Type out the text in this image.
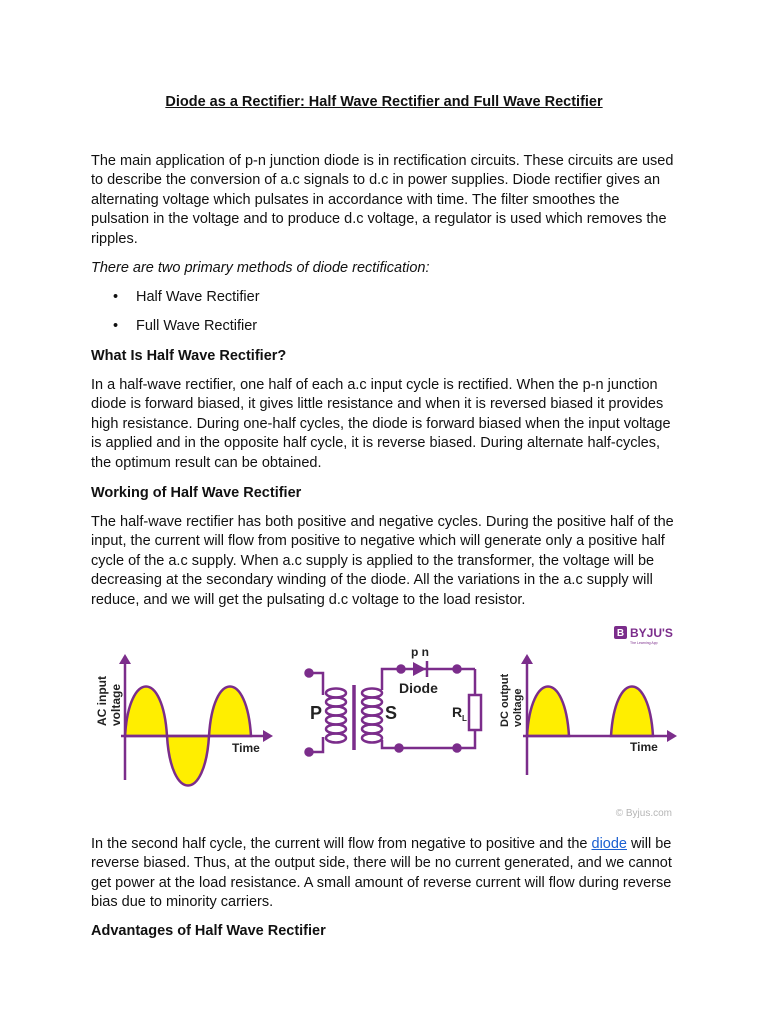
Diode as a Rectifier: Half Wave Rectifier and Full Wave Rectifier

The main application of p-n junction diode is in rectification circuits. These circuits are used to describe the conversion of a.c signals to d.c in power supplies. Diode rectifier gives an alternating voltage which pulsates in accordance with time. The filter smoothes the pulsation in the voltage and to produce d.c voltage, a regulator is used which removes the ripples.

There are two primary methods of diode rectification:

• Half Wave Rectifier
• Full Wave Rectifier
What Is Half Wave Rectifier?

In a half-wave rectifier, one half of each a.c input cycle is rectified. When the p-n junction diode is forward biased, it gives little resistance and when it is reversed biased it provides high resistance. During one-half cycles, the diode is forward biased when the input voltage is applied and in the opposite half cycle, it is reverse biased. During alternate half-cycles, the optimum result can be obtained.

Working of Half Wave Rectifier

The half-wave rectifier has both positive and negative cycles. During the positive half of the input, the current will flow from positive to negative which will generate only a positive half cycle of the a.c supply. When a.c supply is applied to the transformer, the voltage will be decreasing at the secondary winding of the diode. All the variations in the a.c supply will reduce, and we will get the pulsating d.c voltage to the load resistor.

B BYJU'S
The Learning App
AC input voltage
Time
p n
Diode
P	S	R L	DC output voltage
Time
© Byjus.com

In the second half cycle, the current will flow from negative to positive and the diode will be reverse biased. Thus, at the output side, there will be no current generated, and we cannot get power at the load resistance. A small amount of reverse current will flow during reverse bias due to minority carriers.

Advantages of Half Wave Rectifier
